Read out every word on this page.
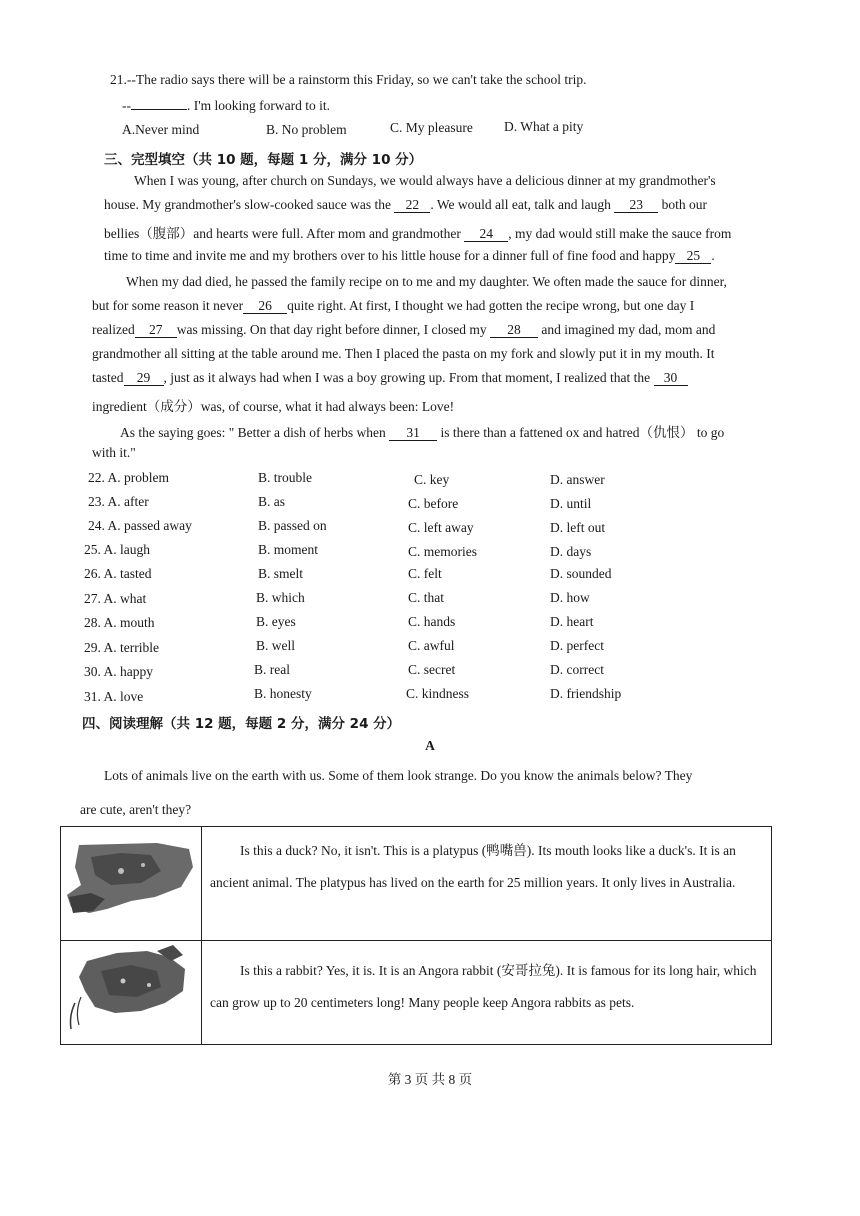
21.--The radio says there will be a rainstorm this Friday, so we can't take the school trip.
--	. I'm looking forward to it.
A.Never mind	B. No problem	C. My pleasure D. What a pity
三、完型填空（共 10 题，每题 1 分，满分 10 分）
When I was young, after church on Sundays, we would always have a delicious dinner at my grandmother's
house. My grandmother's slow-cooked sauce was the 22 . We would all eat, talk and laugh 23 both our
bellies（腹部）and hearts were full. After mom and grandmother 24 , my dad would still make the sauce from
time to time and invite me and my brothers over to his little house for a dinner full of fine food and happy 25 .
When my dad died, he passed the family recipe on to me and my daughter. We often made the sauce for dinner,
but for some reason it never 26 quite right. At first, I thought we had gotten the recipe wrong, but one day I
realized 27 was missing. On that day right before dinner, I closed my 28 and imagined my dad, mom and
grandmother all sitting at the table around me. Then I placed the pasta on my fork and slowly put it in my mouth. It
tasted 29 , just as it always had when I was a boy growing up. From that moment, I realized that the 30
ingredient（成分）was, of course, what it had always been: Love!
As the saying goes: " Better a dish of herbs when 31 is there than a fattened ox and hatred（仇恨） to go
with it."
22. A. problem	B. trouble	C. key	D. answer
23. A. after	B. as	C. before	D. until
24. A. passed away	B. passed on	C. left away	D. left out
25. A. laugh	B. moment	C. memories	D. days
26. A. tasted	B. smelt	C. felt	D. sounded
27. A. what	B. which	C. that	D. how
28. A. mouth	B. eyes	C. hands	D. heart
29. A. terrible	B. well	C. awful	D. perfect
30. A. happy	B. real	C. secret	D. correct
31. A. love	B. honesty	C. kindness	D. friendship
四、阅读理解（共 12 题，每题 2 分，满分 24 分）
A
Lots of animals live on the earth with us. Some of them look strange. Do you know the animals below? They
are cute, aren't they?

Is this a duck? No, it isn't. This is a platypus (鸭嘴兽). Its mouth looks like a duck's. It is an ancient animal. The platypus has lived on the earth for 25 million years. It only lives in Australia.

Is this a rabbit? Yes, it is. It is an Angora rabbit (安哥拉兔). It is famous for its long hair, which can grow up to 20 centimeters long! Many people keep Angora rabbits as pets.

第 3 页 共 8 页
